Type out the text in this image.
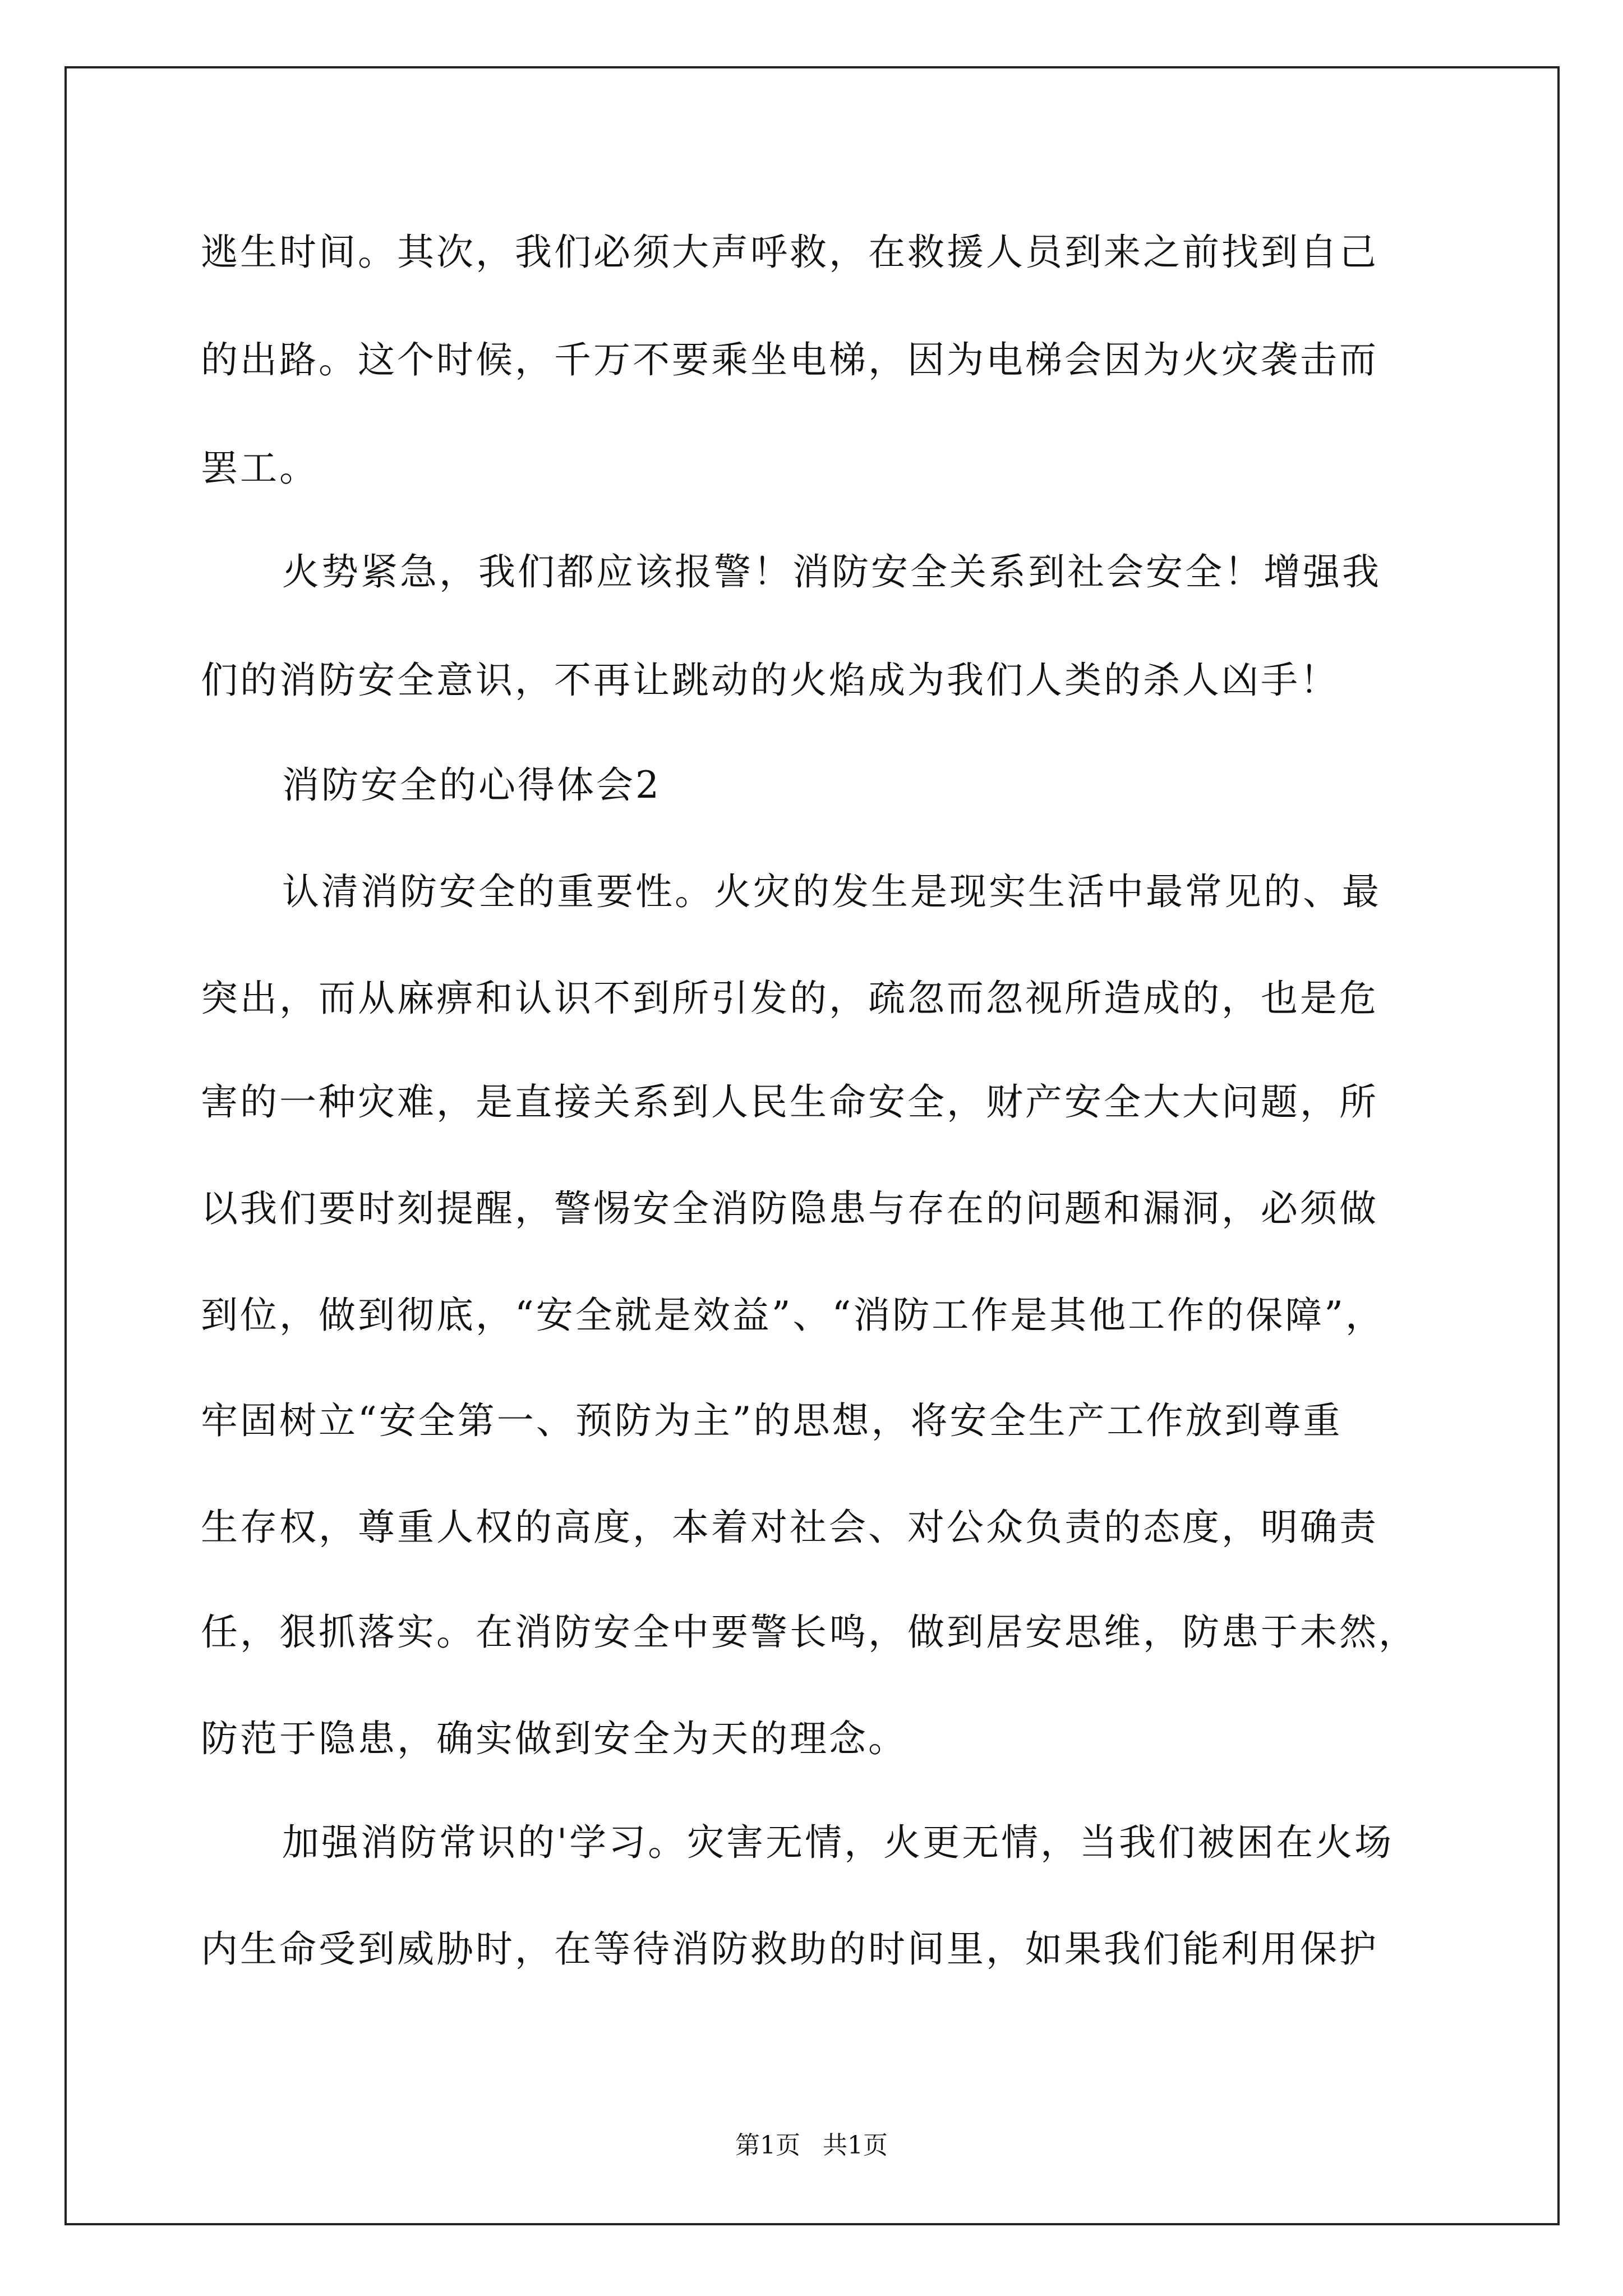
逃生时间。其次，我们必须大声呼救，在救援人员到来之前找到自己
的出路。这个时候，千万不要乘坐电梯，因为电梯会因为火灾袭击而
罢工。
火势紧急，我们都应该报警！消防安全关系到社会安全！增强我
们的消防安全意识，不再让跳动的火焰成为我们人类的杀人凶手！
消防安全的心得体会2
认清消防安全的重要性。火灾的发生是现实生活中最常见的、最
突出，而从麻痹和认识不到所引发的，疏忽而忽视所造成的，也是危
害的一种灾难，是直接关系到人民生命安全，财产安全大大问题，所
以我们要时刻提醒，警惕安全消防隐患与存在的问题和漏洞，必须做
到位，做到彻底，“安全就是效益”、“消防工作是其他工作的保障”，
牢固树立“安全第一、预防为主”的思想，将安全生产工作放到尊重
生存权，尊重人权的高度，本着对社会、对公众负责的态度，明确责
任，狠抓落实。在消防安全中要警长鸣，做到居安思维，防患于未然，
防范于隐患，确实做到安全为天的理念。
加强消防常识的'学习。灾害无情，火更无情，当我们被困在火场
内生命受到威胁时，在等待消防救助的时间里，如果我们能利用保护
第1页 共1页
